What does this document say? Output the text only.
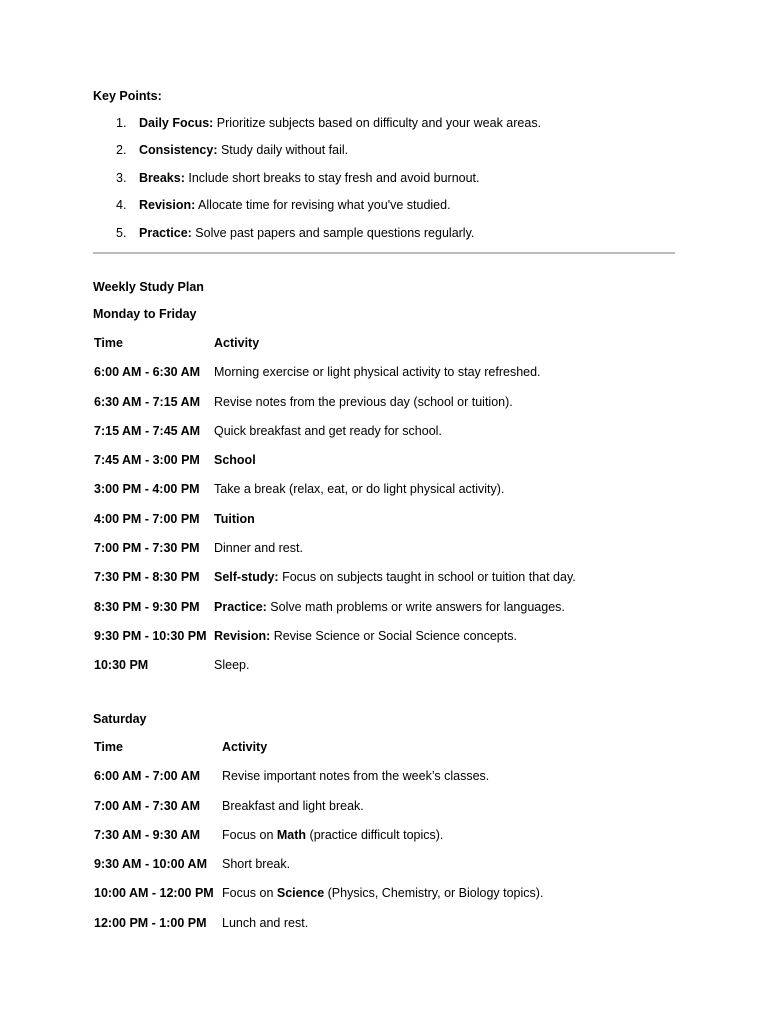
Key Points:
1. Daily Focus: Prioritize subjects based on difficulty and your weak areas.
2. Consistency: Study daily without fail.
3. Breaks: Include short breaks to stay fresh and avoid burnout.
4. Revision: Allocate time for revising what you've studied.
5. Practice: Solve past papers and sample questions regularly.
Weekly Study Plan
Monday to Friday
Time	Activity
6:00 AM - 6:30 AM Morning exercise or light physical activity to stay refreshed.
6:30 AM - 7:15 AM Revise notes from the previous day (school or tuition).
7:15 AM - 7:45 AM Quick breakfast and get ready for school.
7:45 AM - 3:00 PM School
3:00 PM - 4:00 PM Take a break (relax, eat, or do light physical activity).
4:00 PM - 7:00 PM Tuition
7:00 PM - 7:30 PM Dinner and rest.
7:30 PM - 8:30 PM Self-study: Focus on subjects taught in school or tuition that day.
8:30 PM - 9:30 PM Practice: Solve math problems or write answers for languages.
9:30 PM - 10:30 PM Revision: Revise Science or Social Science concepts.
10:30 PM	Sleep.
Saturday
Time	Activity
6:00 AM - 7:00 AM Revise important notes from the week’s classes.
7:00 AM - 7:30 AM Breakfast and light break.
7:30 AM - 9:30 AM Focus on Math (practice difficult topics).
9:30 AM - 10:00 AM Short break.
10:00 AM - 12:00 PM Focus on Science (Physics, Chemistry, or Biology topics).
12:00 PM - 1:00 PM Lunch and rest.
